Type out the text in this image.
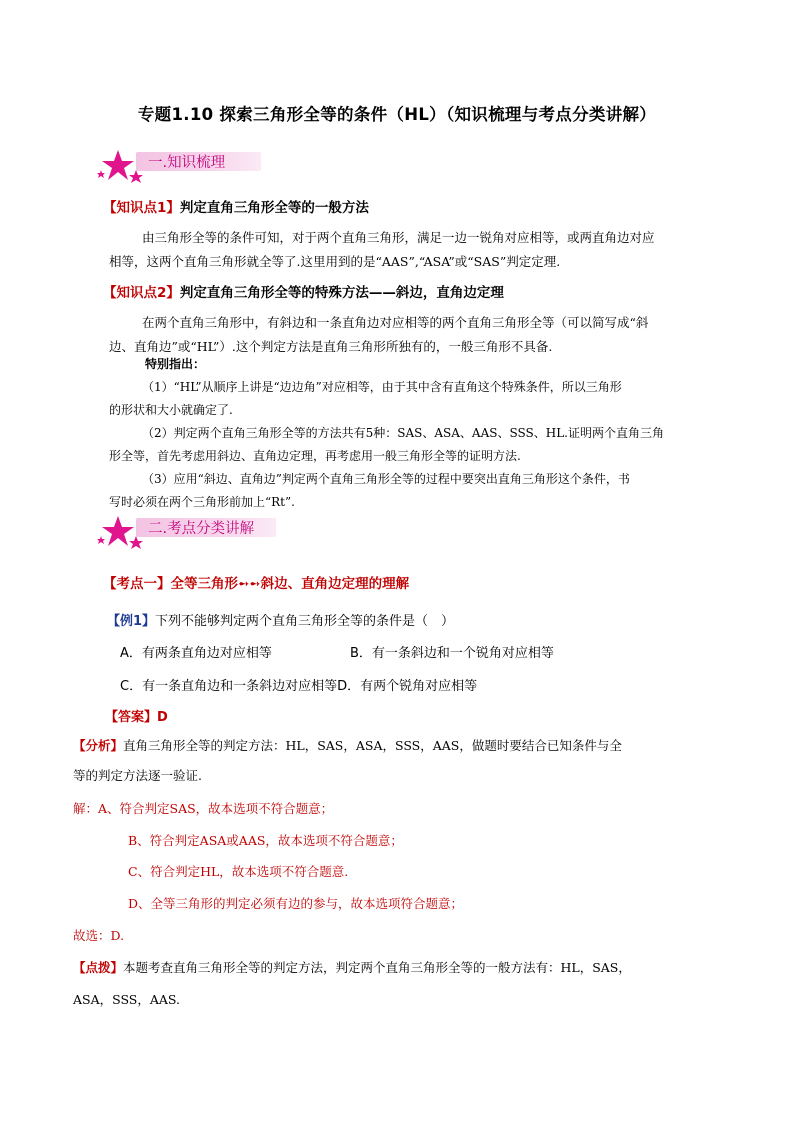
专题1.10 探索三角形全等的条件（HL）（知识梳理与考点分类讲解）
一.知识梳理
【知识点1】判定直角三角形全等的一般方法
由三角形全等的条件可知，对于两个直角三角形，满足一边一锐角对应相等，或两直角边对应
相等，这两个直角三角形就全等了.这里用到的是“AAS”,“ASA”或“SAS”判定定理.
【知识点2】判定直角三角形全等的特殊方法——斜边，直角边定理
在两个直角三角形中，有斜边和一条直角边对应相等的两个直角三角形全等（可以简写成“斜
边、直角边”或“HL”）.这个判定方法是直角三角形所独有的，一般三角形不具备.
特别指出：
（1）“HL”从顺序上讲是“边边角”对应相等，由于其中含有直角这个特殊条件，所以三角形
的形状和大小就确定了.
（2）判定两个直角三角形全等的方法共有5种：SAS、ASA、AAS、SSS、HL.证明两个直角三角
形全等，首先考虑用斜边、直角边定理，再考虑用一般三角形全等的证明方法.
（3）应用“斜边、直角边”判定两个直角三角形全等的过程中要突出直角三角形这个条件，书
写时必须在两个三角形前加上“Rt”.
二.考点分类讲解
【考点一】全等三角形➻➻斜边、直角边定理的理解
【例1】下列不能够判定两个直角三角形全等的条件是（　）
A．有两条直角边对应相等	B．有一条斜边和一个锐角对应相等
C．有一条直角边和一条斜边对应相等D．有两个锐角对应相等
【答案】D
【分析】直角三角形全等的判定方法：HL，SAS，ASA，SSS，AAS，做题时要结合已知条件与全
等的判定方法逐一验证.
解：A、符合判定SAS，故本选项不符合题意；
B、符合判定ASA或AAS，故本选项不符合题意；
C、符合判定HL，故本选项不符合题意.
D、全等三角形的判定必须有边的参与，故本选项符合题意；
故选：D.
【点拨】本题考查直角三角形全等的判定方法，判定两个直角三角形全等的一般方法有：HL，SAS，
ASA，SSS，AAS.
